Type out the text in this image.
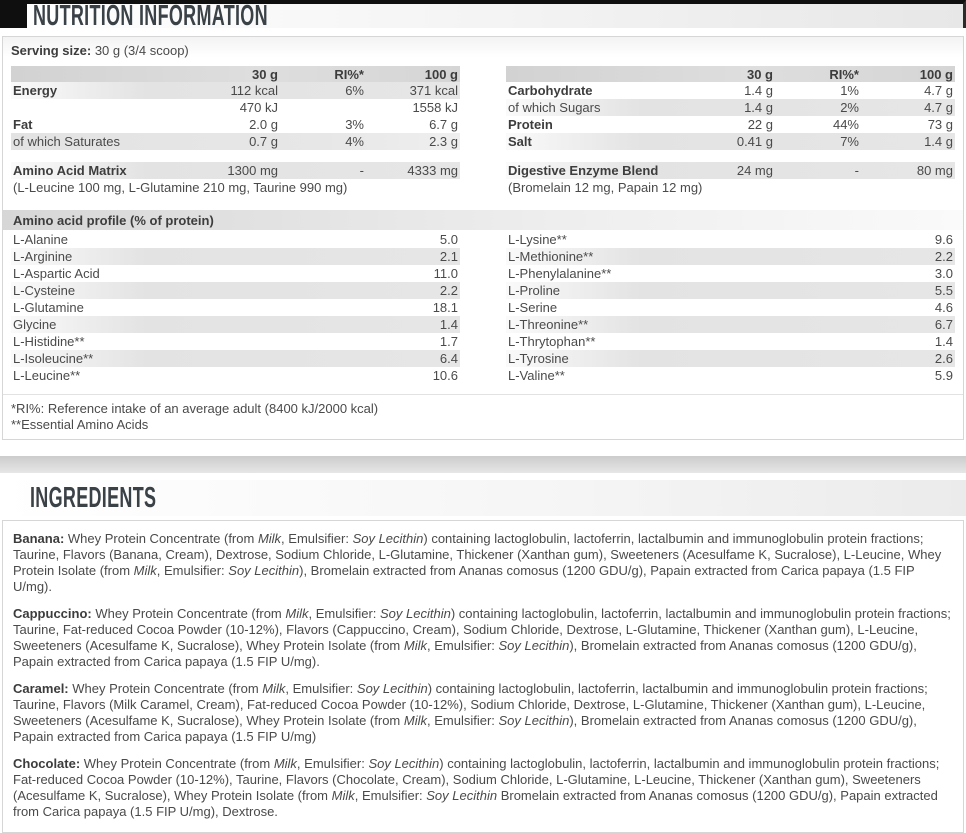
NUTRITION INFORMATION
Serving size: 30 g (3/4 scoop)
30 g	RI%*	100 g
Energy	112 kcal	6%	371 kcal
470 kJ	1558 kJ
Fat	2.0 g	3%	6.7 g
of which Saturates	0.7 g	4%	2.3 g
Amino Acid Matrix	1300 mg	-	4333 mg
(L-Leucine 100 mg, L-Glutamine 210 mg, Taurine 990 mg)
30 g	RI%*	100 g
Carbohydrate	1.4 g	1%	4.7 g
of which Sugars	1.4 g	2%	4.7 g
Protein	22 g	44%	73 g
Salt	0.41 g	7%	1.4 g
Digestive Enzyme Blend	24 mg	-	80 mg
(Bromelain 12 mg, Papain 12 mg)
Amino acid profile (% of protein)
L-Alanine	5.0
L-Arginine	2.1
L-Aspartic Acid	11.0
L-Cysteine	2.2
L-Glutamine	18.1
Glycine	1.4
L-Histidine**	1.7
L-Isoleucine**	6.4
L-Leucine**	10.6
L-Lysine**	9.6
L-Methionine**	2.2
L-Phenylalanine**	3.0
L-Proline	5.5
L-Serine	4.6
L-Threonine**	6.7
L-Thrytophan**	1.4
L-Tyrosine	2.6
L-Valine**	5.9
*RI%: Reference intake of an average adult (8400 kJ/2000 kcal)
**Essential Amino Acids
INGREDIENTS

Banana: Whey Protein Concentrate (from Milk, Emulsifier: Soy Lecithin) containing lactoglobulin, lactoferrin, lactalbumin and immunoglobulin protein fractions; Taurine, Flavors (Banana, Cream), Dextrose, Sodium Chloride, L-Glutamine, Thickener (Xanthan gum), Sweeteners (Acesulfame K, Sucralose), L-Leucine, Whey Protein Isolate (from Milk, Emulsifier: Soy Lecithin), Bromelain extracted from Ananas comosus (1200 GDU/g), Papain extracted from Carica papaya (1.5 FIP U/mg).

Cappuccino: Whey Protein Concentrate (from Milk, Emulsifier: Soy Lecithin) containing lactoglobulin, lactoferrin, lactalbumin and immunoglobulin protein fractions; Taurine, Fat-reduced Cocoa Powder (10-12%), Flavors (Cappuccino, Cream), Sodium Chloride, Dextrose, L-Glutamine, Thickener (Xanthan gum), L-Leucine, Sweeteners (Acesulfame K, Sucralose), Whey Protein Isolate (from Milk, Emulsifier: Soy Lecithin), Bromelain extracted from Ananas comosus (1200 GDU/g), Papain extracted from Carica papaya (1.5 FIP U/mg).

Caramel: Whey Protein Concentrate (from Milk, Emulsifier: Soy Lecithin) containing lactoglobulin, lactoferrin, lactalbumin and immunoglobulin protein fractions; Taurine, Flavors (Milk Caramel, Cream), Fat-reduced Cocoa Powder (10-12%), Sodium Chloride, Dextrose, L-Glutamine, Thickener (Xanthan gum), L-Leucine, Sweeteners (Acesulfame K, Sucralose), Whey Protein Isolate (from Milk, Emulsifier: Soy Lecithin), Bromelain extracted from Ananas comosus (1200 GDU/g), Papain extracted from Carica papaya (1.5 FIP U/mg)

Chocolate: Whey Protein Concentrate (from Milk, Emulsifier: Soy Lecithin) containing lactoglobulin, lactoferrin, lactalbumin and immunoglobulin protein fractions; Fat-reduced Cocoa Powder (10-12%), Taurine, Flavors (Chocolate, Cream), Sodium Chloride, L-Glutamine, L-Leucine, Thickener (Xanthan gum), Sweeteners (Acesulfame K, Sucralose), Whey Protein Isolate (from Milk, Emulsifier: Soy Lecithin Bromelain extracted from Ananas comosus (1200 GDU/g), Papain extracted from Carica papaya (1.5 FIP U/mg), Dextrose.
